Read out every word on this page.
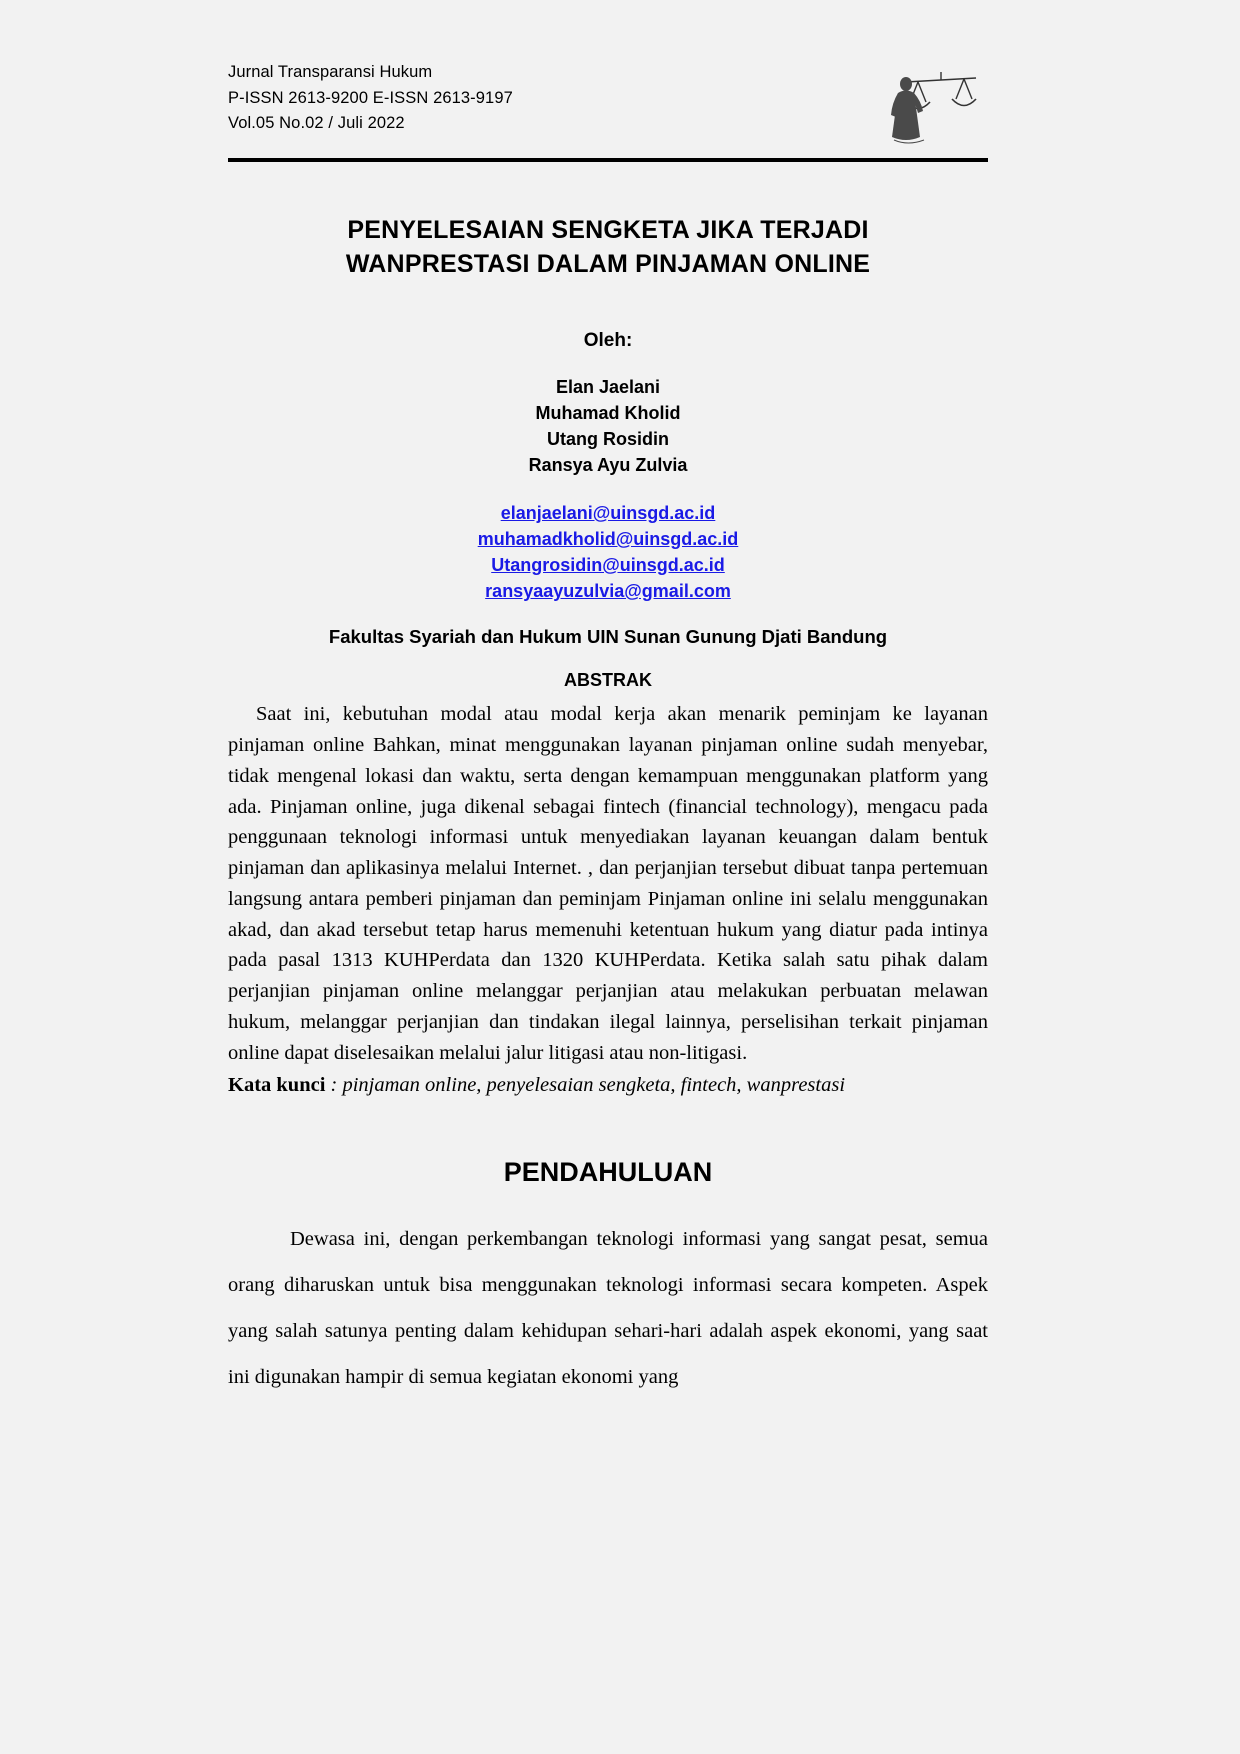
Jurnal Transparansi Hukum
P-ISSN 2613-9200 E-ISSN 2613-9197
Vol.05 No.02 / Juli 2022
PENYELESAIAN SENGKETA JIKA TERJADI
WANPRESTASI DALAM PINJAMAN ONLINE
Oleh:
Elan Jaelani
Muhamad Kholid
Utang Rosidin
Ransya Ayu Zulvia
elanjaelani@uinsgd.ac.id
muhamadkholid@uinsgd.ac.id
Utangrosidin@uinsgd.ac.id
ransyaayuzulvia@gmail.com
Fakultas Syariah dan Hukum UIN Sunan Gunung Djati Bandung
ABSTRAK
Saat ini, kebutuhan modal atau modal kerja akan menarik peminjam ke layanan pinjaman online Bahkan, minat menggunakan layanan pinjaman online sudah menyebar, tidak mengenal lokasi dan waktu, serta dengan kemampuan menggunakan platform yang ada. Pinjaman online, juga dikenal sebagai fintech (financial technology), mengacu pada penggunaan teknologi informasi untuk menyediakan layanan keuangan dalam bentuk pinjaman dan aplikasinya melalui Internet. , dan perjanjian tersebut dibuat tanpa pertemuan langsung antara pemberi pinjaman dan peminjam Pinjaman online ini selalu menggunakan akad, dan akad tersebut tetap harus memenuhi ketentuan hukum yang diatur pada intinya pada pasal 1313 KUHPerdata dan 1320 KUHPerdata. Ketika salah satu pihak dalam perjanjian pinjaman online melanggar perjanjian atau melakukan perbuatan melawan hukum, melanggar perjanjian dan tindakan ilegal lainnya, perselisihan terkait pinjaman online dapat diselesaikan melalui jalur litigasi atau non-litigasi.
Kata kunci : pinjaman online, penyelesaian sengketa, fintech, wanprestasi
PENDAHULUAN
Dewasa ini, dengan perkembangan teknologi informasi yang sangat pesat, semua orang diharuskan untuk bisa menggunakan teknologi informasi secara kompeten. Aspek yang salah satunya penting dalam kehidupan sehari-hari adalah aspek ekonomi, yang saat ini digunakan hampir di semua kegiatan ekonomi yang
